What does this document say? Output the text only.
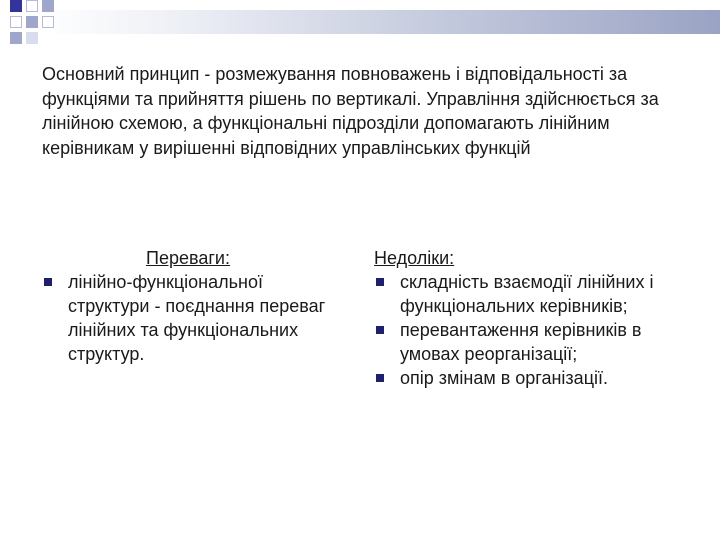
Основний принцип - розмежування повноважень і відповідальності за функціями та прийняття рішень по вертикалі. Управління здійснюється за лінійною схемою, а функціональні підрозділи допомагають лінійним керівникам у вирішенні відповідних управлінських функцій

Переваги:

лінійно-функціональної структури - поєднання переваг лінійних та функціональних структур.

Недоліки:

складність взаємодії лінійних і функціональних керівників;
перевантаження керівників в умовах реорганізації;
опір змінам в організації.
